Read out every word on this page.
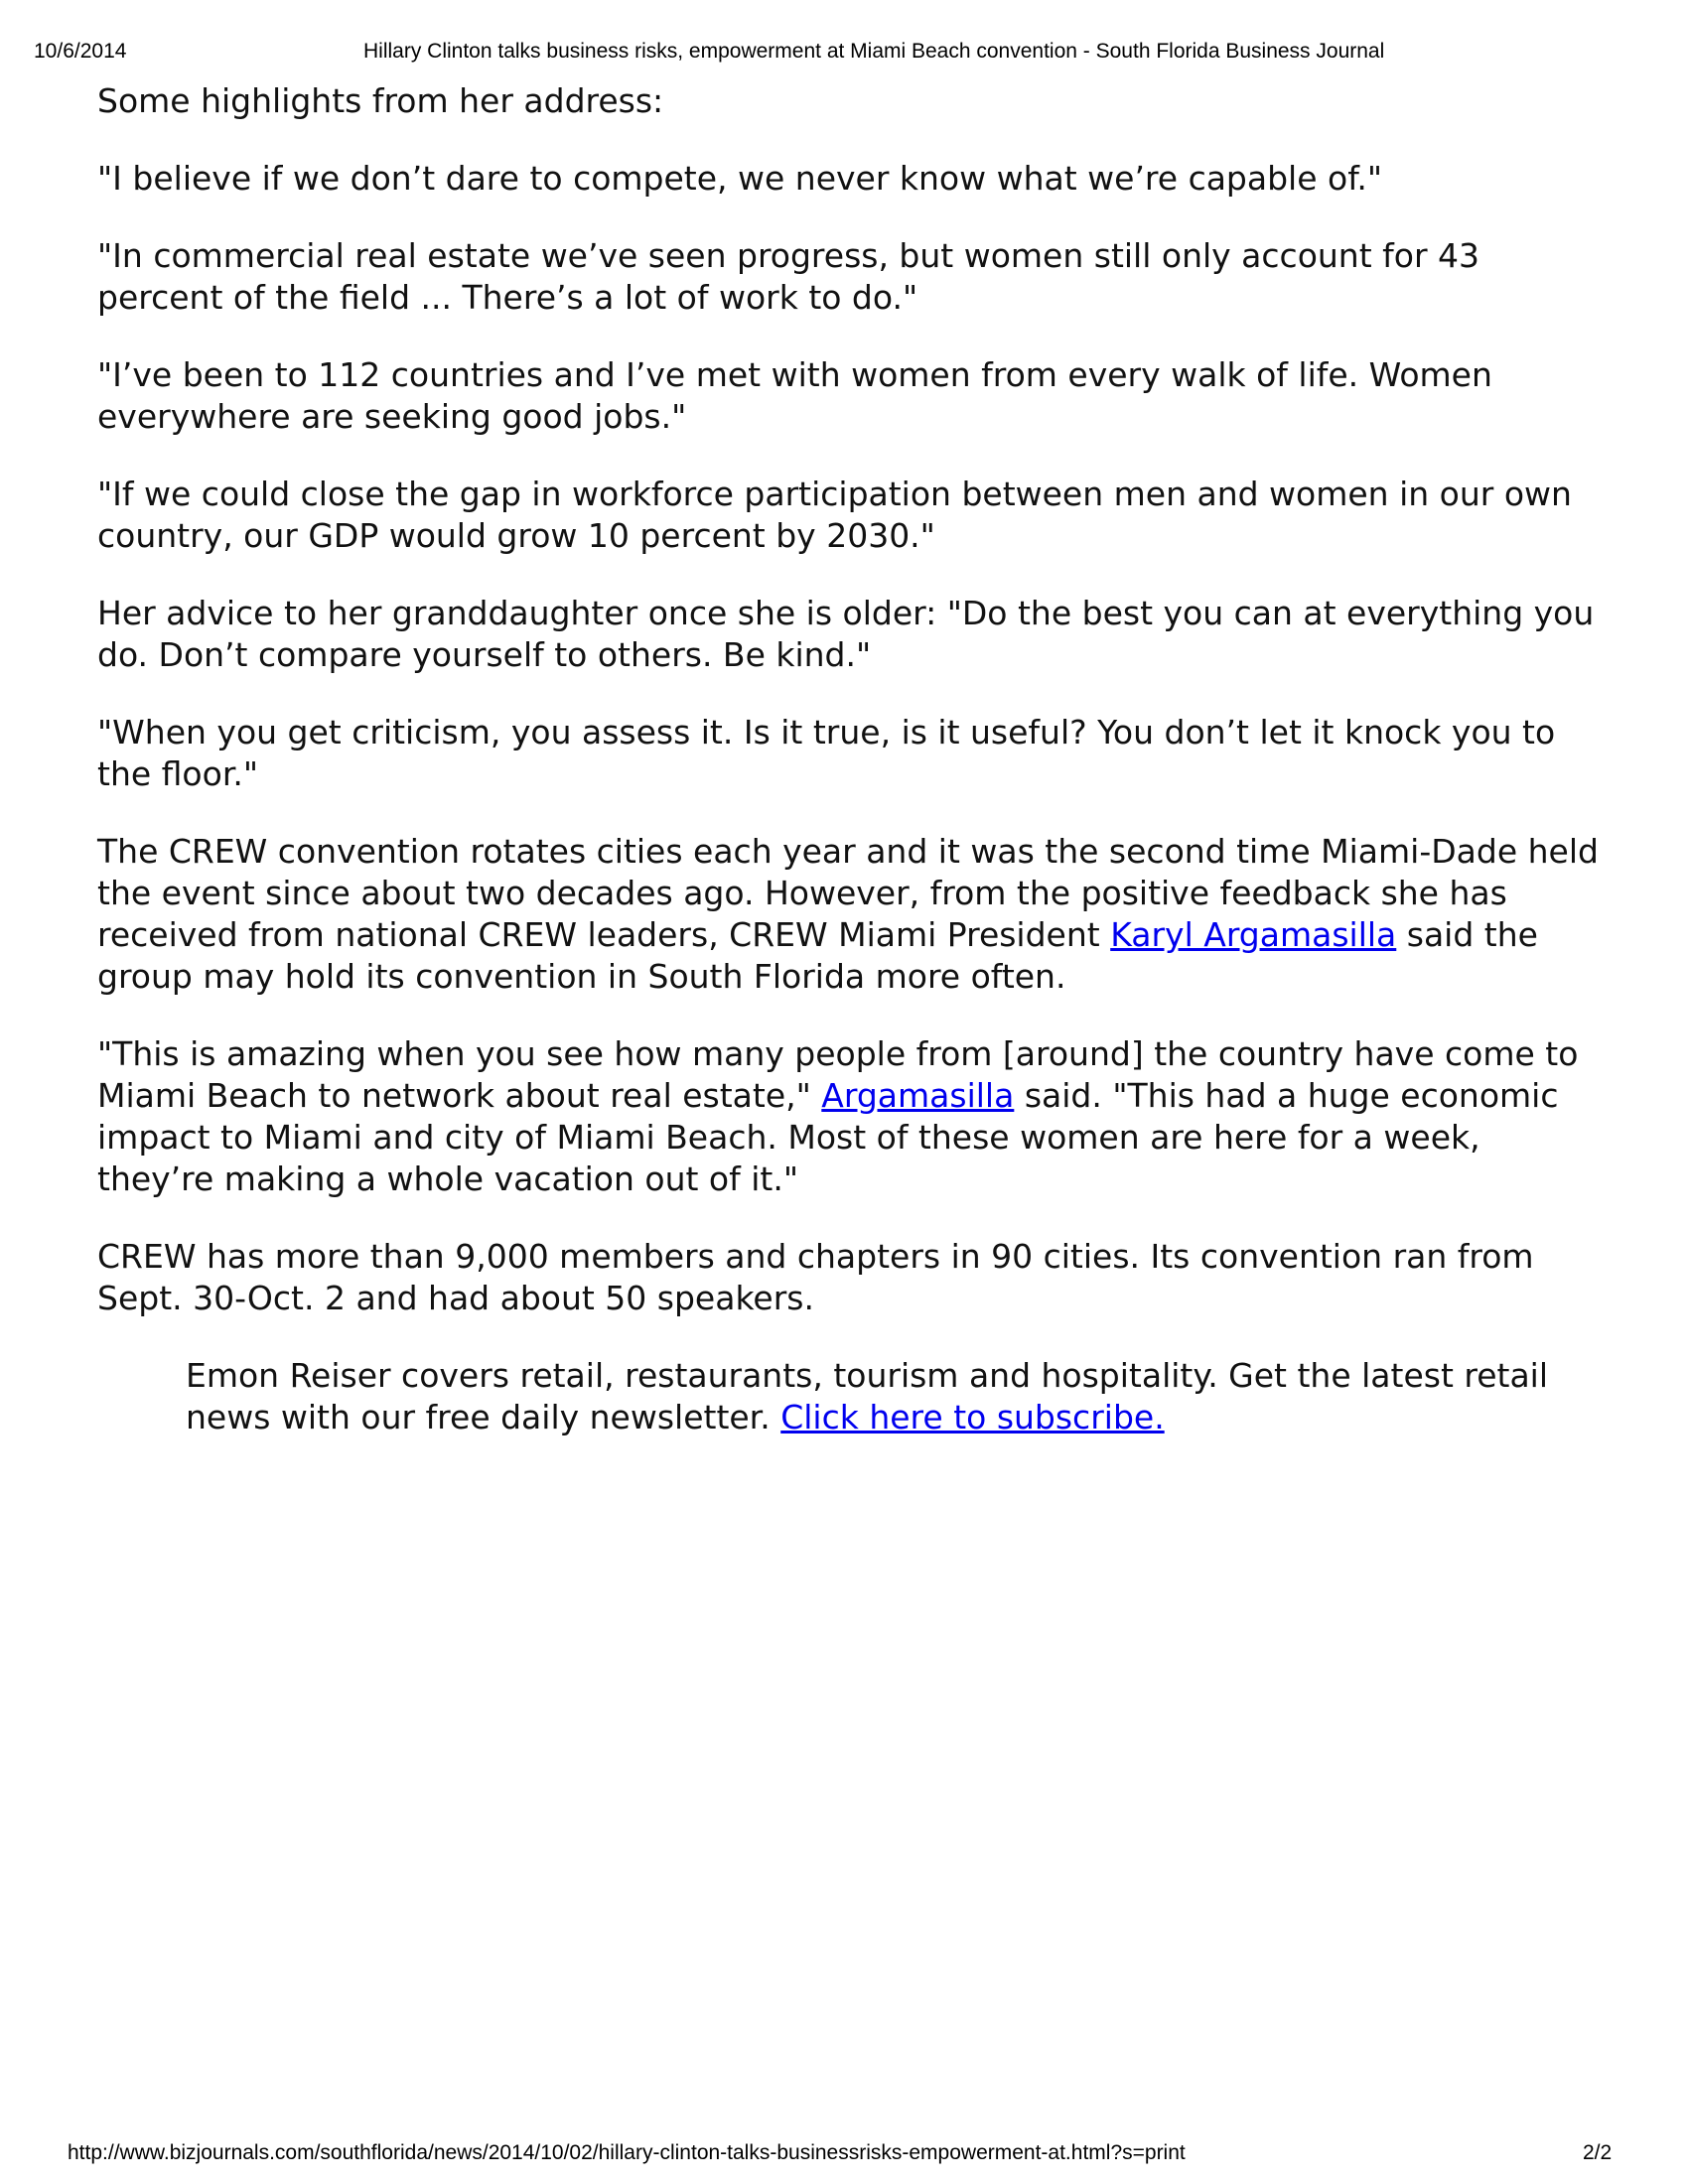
10/6/2014	Hillary Clinton talks business risks, empowerment at Miami Beach convention - South Florida Business Journal

Some highlights from her address:

"I believe if we don’t dare to compete, we never know what we’re capable of."

"In commercial real estate we’ve seen progress, but women still only account for 43 percent of the field ... There’s a lot of work to do."

"I’ve been to 112 countries and I’ve met with women from every walk of life. Women everywhere are seeking good jobs."

"If we could close the gap in workforce participation between men and women in our own country, our GDP would grow 10 percent by 2030."

Her advice to her granddaughter once she is older: "Do the best you can at everything you do. Don’t compare yourself to others. Be kind."

"When you get criticism, you assess it. Is it true, is it useful? You don’t let it knock you to the floor."

The CREW convention rotates cities each year and it was the second time Miami-Dade held the event since about two decades ago. However, from the positive feedback she has received from national CREW leaders, CREW Miami President Karyl Argamasilla said the group may hold its convention in South Florida more often.

"This is amazing when you see how many people from [around] the country have come to Miami Beach to network about real estate," Argamasilla said. "This had a huge economic impact to Miami and city of Miami Beach. Most of these women are here for a week, they’re making a whole vacation out of it."

CREW has more than 9,000 members and chapters in 90 cities. Its convention ran from Sept. 30-Oct. 2 and had about 50 speakers.

Emon Reiser covers retail, restaurants, tourism and hospitality. Get the latest retail news with our free daily newsletter. Click here to subscribe.

http://www.bizjournals.com/southflorida/news/2014/10/02/hillary-clinton-talks-businessrisks-empowerment-at.html?s=print	2/2
